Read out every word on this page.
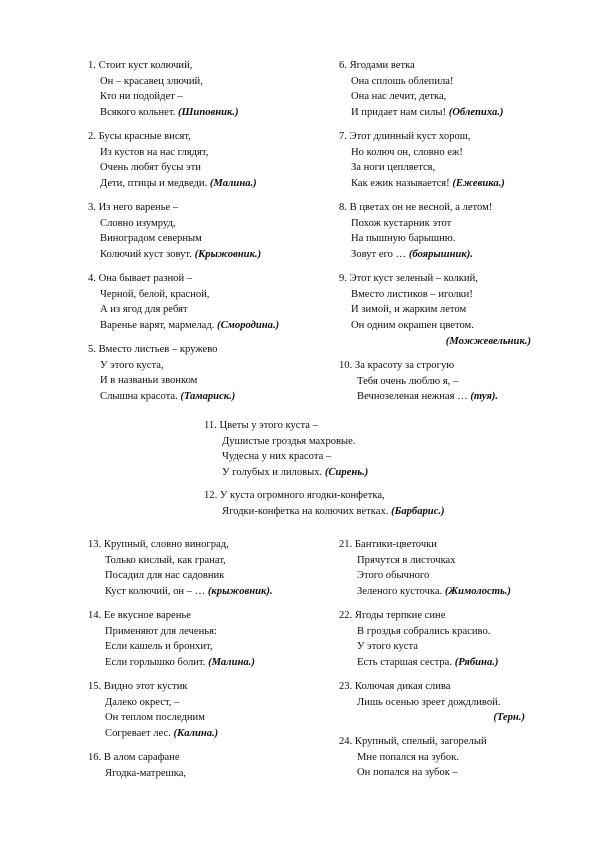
1. Стоит куст колючий,
Он – красавец злючий,
Кто ни подойдет –
Всякого кольнет. (Шиповник.)
2. Бусы красные висят,
Из кустов на нас глядят,
Очень любят бусы эти
Дети, птицы и медведи. (Малина.)
3. Из него варенье –
Словно изумруд,
Виноградом северным
Колючий куст зовут. (Крыжовник.)
4. Она бывает разной –
Черной, белой, красной,
А из ягод для ребят
Варенье варят, мармелад. (Смородина.)
5. Вместо листьев – кружево
У этого куста,
И в названьи звонком
Слышна красота. (Тамариск.)
6. Ягодами ветка
Она сплошь облепила!
Она нас лечит, детка,
И придает нам силы! (Облепиха.)
7. Этот длинный куст хорош,
Но колюч он, словно еж!
За ноги цепляется,
Как ежик называется! (Ежевика.)
8. В цветах он не весной, а летом!
Похож кустарник этот
На пышную барышню.
Зовут его … (боярышник).
9. Этот куст зеленый – колкий,
Вместо листиков – иголки!
И зимой, и жарким летом
Он одним окрашен цветом.
(Можжевельник.)
10. За красоту за строгую
Тебя очень люблю я, –
Вечнозеленая нежная … (туя).
11. Цветы у этого куста –
Душистые гроздья махровые.
Чудесна у них красота –
У голубых и лиловых. (Сирень.)
12. У куста огромного ягодки-конфетка,
Ягодки-конфетка на колючих ветках. (Барбарис.)
13. Крупный, словно виноград,
Только кислый, как гранат,
Посадил для нас садовник
Куст колючий, он – … (крыжовник).
14. Ее вкусное варенье
Применяют для леченья:
Если кашель и бронхит,
Если горлышко болит. (Малина.)
15. Видно этот кустик
Далеко окрест, –
Он теплом последним
Согревает лес. (Калина.)
16. В алом сарафане
Ягодка-матрешка,
21. Бантики-цветочки
Прячутся в листочках
Этого обычного
Зеленого кусточка. (Жимолость.)
22. Ягоды терпкие сине
В гроздья собрались красиво.
У этого куста
Есть старшая сестра. (Рябина.)
23. Колючая дикая слива
Лишь осенью зреет дождливой.
(Терн.)
24. Крупный, спелый, загорелый
Мне попался на зубок.
Он попался на зубок –
